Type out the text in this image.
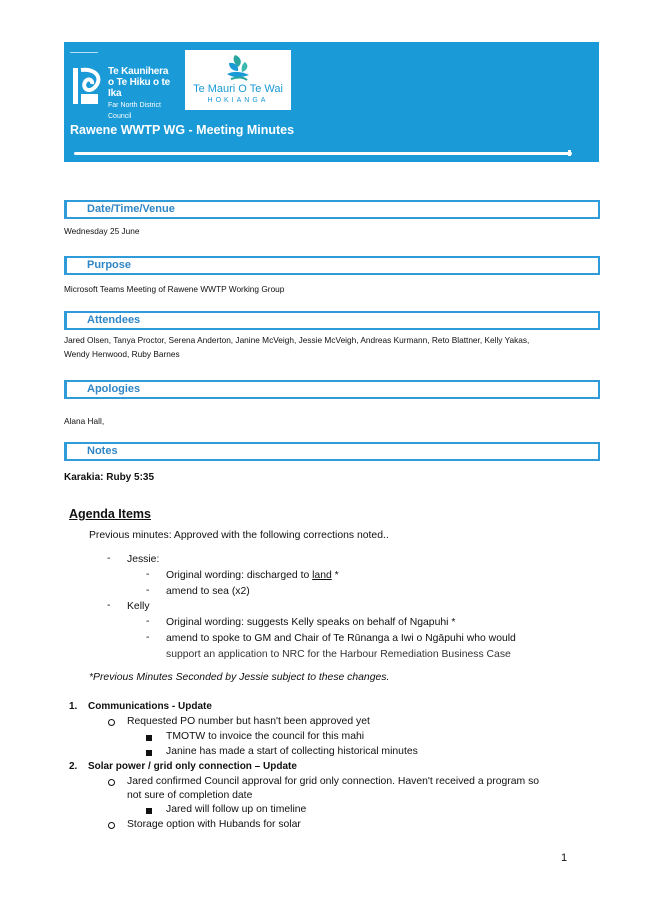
Te Kaunihera
o Te Hiku o te Ika
Far North District Council
Te Mauri O Te Wai
HOKIANGA
Rawene WWTP WG - Meeting Minutes
Date/Time/Venue
Wednesday 25 June
Purpose
Microsoft Teams Meeting of Rawene WWTP Working Group
Attendees
Jared Olsen, Tanya Proctor, Serena Anderton, Janine McVeigh, Jessie McVeigh, Andreas Kurmann, Reto Blattner, Kelly Yakas,
Wendy Henwood, Ruby Barnes
Apologies
Alana Hall,
Notes
Karakia: Ruby 5:35
Agenda Items
Previous minutes: Approved with the following corrections noted..
- Jessie:
- Original wording: discharged to land *
- amend to sea (x2)
- Kelly
- Original wording: suggests Kelly speaks on behalf of Ngapuhi *
- amend to spoke to GM and Chair of Te Rūnanga a Iwi o Ngāpuhi who would
support an application to NRC for the Harbour Remediation Business Case
*Previous Minutes Seconded by Jessie subject to these changes.
1. Communications - Update
Requested PO number but hasn't been approved yet
TMOTW to invoice the council for this mahi
Janine has made a start of collecting historical minutes
2. Solar power / grid only connection – Update
Jared confirmed Council approval for grid only connection. Haven't received a program so
not sure of completion date
Jared will follow up on timeline
Storage option with Hubands for solar
1
